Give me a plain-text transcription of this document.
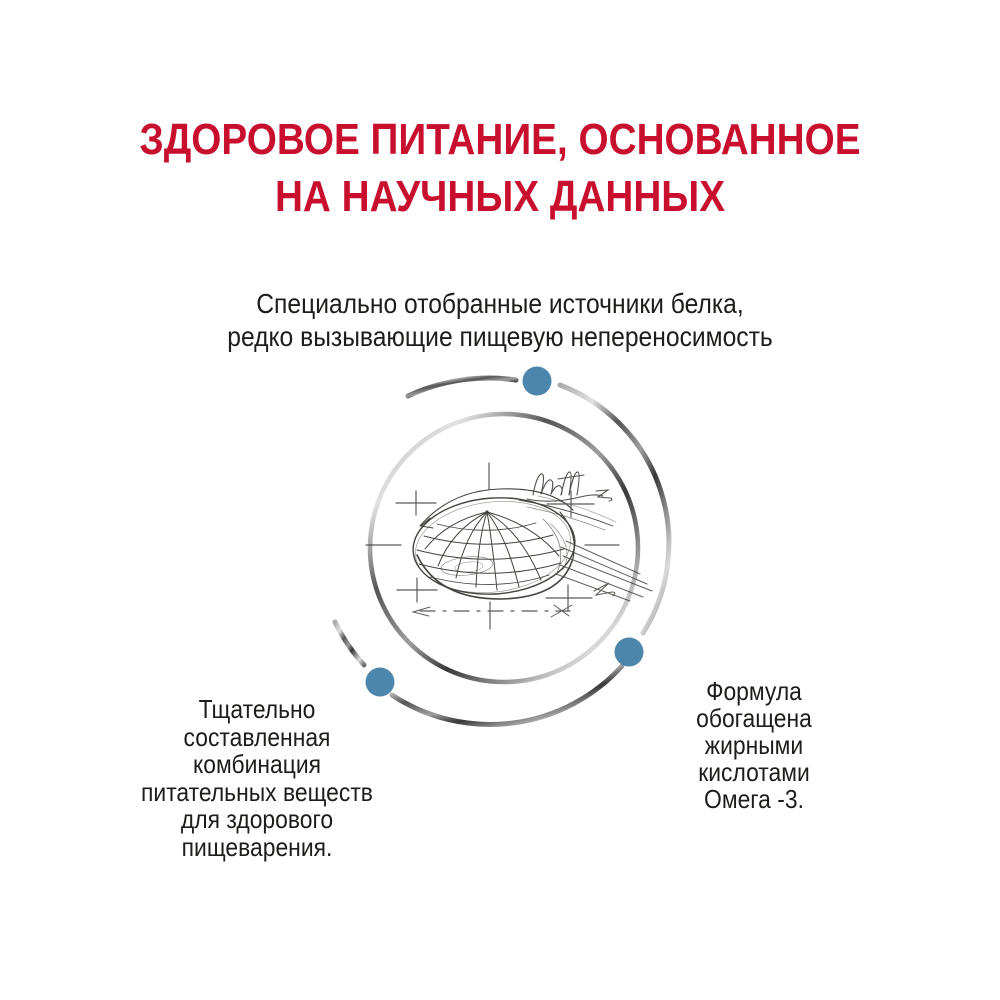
ЗДОРОВОЕ ПИТАНИЕ, ОСНОВАННОЕ
НА НАУЧНЫХ ДАННЫХ
Специально отобранные источники белка,
редко вызывающие пищевую непереносимость
Тщательно
составленная
комбинация
питательных веществ
для здорового
пищеварения.
Формула обогащена
жирными кислотами
Омега -3.
